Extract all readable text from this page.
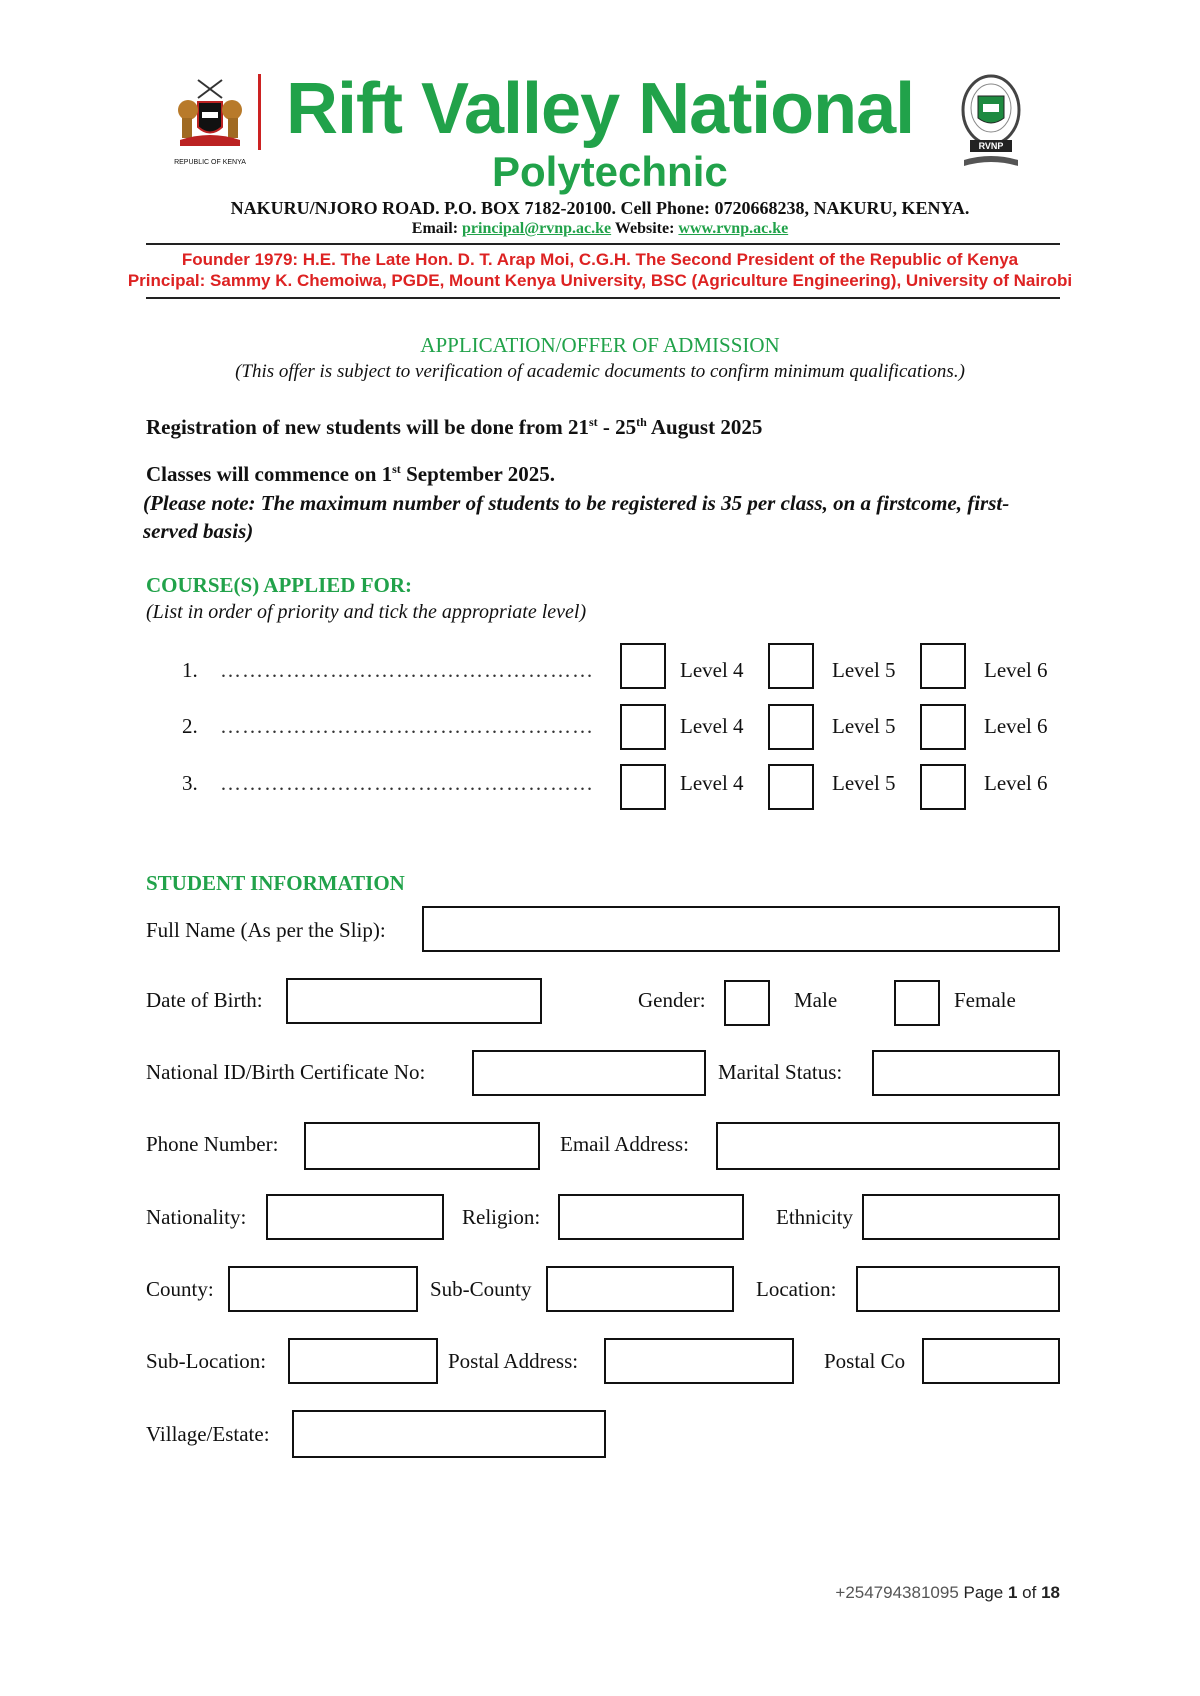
REPUBLIC OF KENYA
Rift Valley National
Polytechnic
RVNP
NAKURU/NJORO ROAD. P.O. BOX 7182-20100. Cell Phone: 0720668238, NAKURU, KENYA.
Email: principal@rvnp.ac.ke Website: www.rvnp.ac.ke
Founder 1979: H.E. The Late Hon. D. T. Arap Moi, C.G.H. The Second President of the Republic of Kenya
Principal: Sammy K. Chemoiwa, PGDE, Mount Kenya University, BSC (Agriculture Engineering), University of Nairobi
APPLICATION/OFFER OF ADMISSION
(This offer is subject to verification of academic documents to confirm minimum qualifications.)
Registration of new students will be done from 21st - 25th August 2025
Classes will commence on 1st September 2025.
(Please note: The maximum number of students to be registered is 35 per class, on a firstcome, first-served basis)
COURSE(S) APPLIED FOR:
(List in order of priority and tick the appropriate level)
1. ……………………………………………	Level 4	Level 5	Level 6
2. ……………………………………………	Level 4	Level 5	Level 6
3. ……………………………………………	Level 4	Level 5	Level 6
STUDENT INFORMATION
Full Name (As per the Slip):
Date of Birth:	Gender:	Male	Female
National ID/Birth Certificate No:	Marital Status:
Phone Number:	Email Address:
Nationality:	Religion:	Ethnicity
County:	Sub-County	Location:
Sub-Location:	Postal Address:	Postal Co
Village/Estate:
+254794381095 Page 1 of 18
